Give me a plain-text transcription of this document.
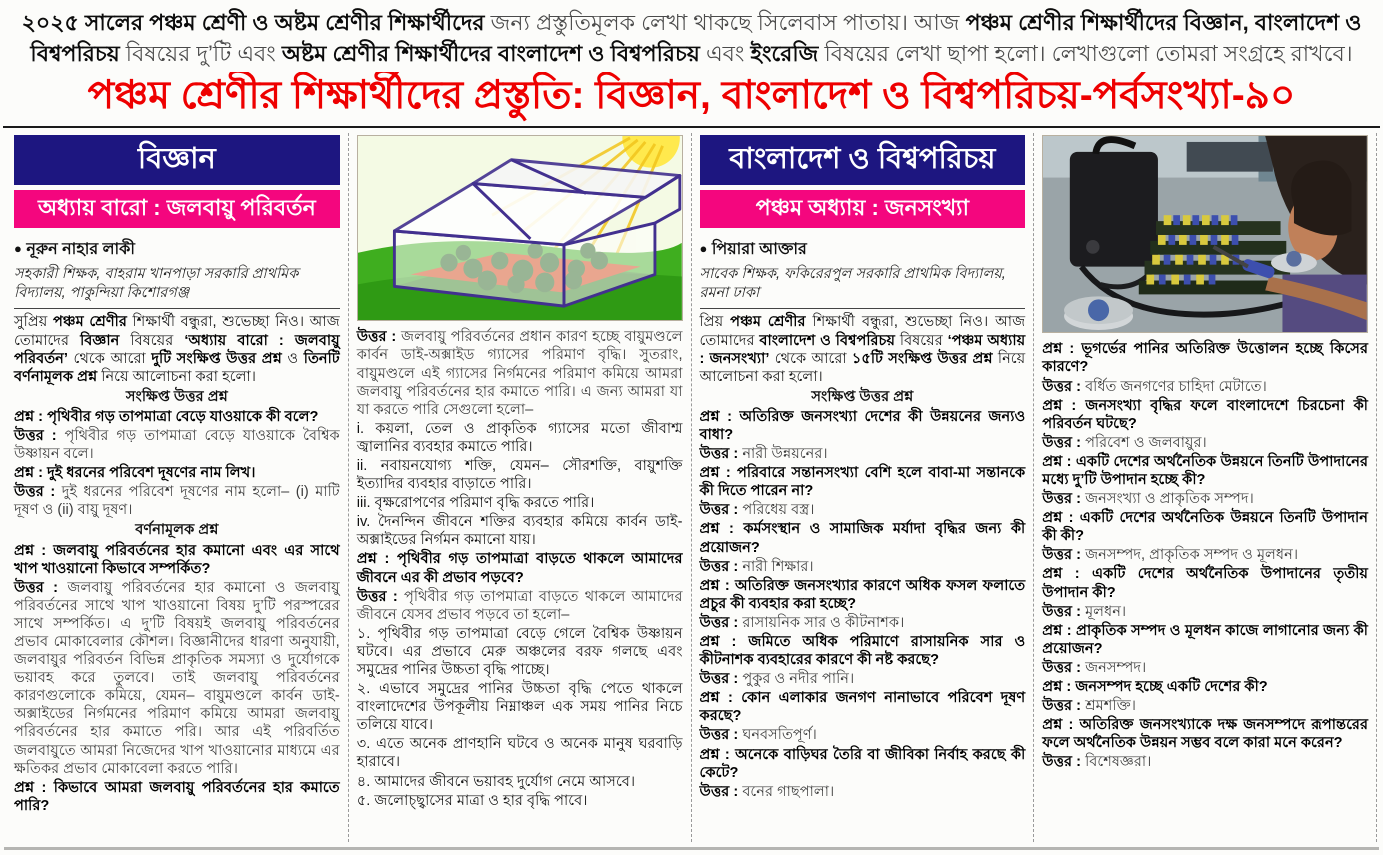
২০২৫ সালের পঞ্চম শ্রেণী ও অষ্টম শ্রেণীর শিক্ষার্থীদের জন্য প্রস্তুতিমূলক লেখা থাকছে সিলেবাস পাতায়। আজ পঞ্চম শ্রেণীর শিক্ষার্থীদের বিজ্ঞান, বাংলাদেশ ও বিশ্বপরিচয় বিষয়ের দু’টি এবং অষ্টম শ্রেণীর শিক্ষার্থীদের বাংলাদেশ ও বিশ্বপরিচয় এবং ইংরেজি বিষয়ের লেখা ছাপা হলো। লেখাগুলো তোমরা সংগ্রহে রাখবে।
পঞ্চম শ্রেণীর শিক্ষার্থীদের প্রস্তুতি: বিজ্ঞান, বাংলাদেশ ও বিশ্বপরিচয়-পর্বসংখ্যা-৯০
বিজ্ঞান
অধ্যায় বারো : জলবায়ু পরিবর্তন
● নূরুন নাহার লাকী
সহকারী শিক্ষক, বাহরাম খানপাড়া সরকারি প্রাথমিক বিদ্যালয়, পাকুন্দিয়া কিশোরগঞ্জ

সুপ্রিয় পঞ্চম শ্রেণীর শিক্ষার্থী বন্ধুরা, শুভেচ্ছা নিও। আজ তোমাদের বিজ্ঞান বিষয়ের ‘অধ্যায় বারো : জলবায়ু পরিবর্তন’ থেকে আরো দুটি সংক্ষিপ্ত উত্তর প্রশ্ন ও তিনটি বর্ণনামূলক প্রশ্ন নিয়ে আলোচনা করা হলো।

সংক্ষিপ্ত উত্তর প্রশ্ন

প্রশ্ন : পৃথিবীর গড় তাপমাত্রা বেড়ে যাওয়াকে কী বলে?

উত্তর : পৃথিবীর গড় তাপমাত্রা বেড়ে যাওয়াকে বৈশ্বিক উষ্ণায়ন বলে।

প্রশ্ন : দুই ধরনের পরিবেশ দূষণের নাম লিখ।

উত্তর : দুই ধরনের পরিবেশ দূষণের নাম হলো– (i) মাটি দূষণ ও (ii) বায়ু দূষণ।

বর্ণনামূলক প্রশ্ন

প্রশ্ন : জলবায়ু পরিবর্তনের হার কমানো এবং এর সাথে খাপ খাওয়ানো কিভাবে সম্পর্কিত?

উত্তর : জলবায়ু পরিবর্তনের হার কমানো ও জলবায়ু পরিবর্তনের সাথে খাপ খাওয়ানো বিষয় দু’টি পরস্পরের সাথে সম্পর্কিত। এ দু’টি বিষয়ই জলবায়ু পরিবর্তনের প্রভাব মোকাবেলার কৌশল। বিজ্ঞানীদের ধারণা অনুযায়ী, জলবায়ুর পরিবর্তন বিভিন্ন প্রাকৃতিক সমস্যা ও দুর্যোগকে ভয়াবহ করে তুলবে। তাই জলবায়ু পরিবর্তনের কারণগুলোকে কমিয়ে, যেমন– বায়ুমণ্ডলে কার্বন ডাই-অক্সাইডের নির্গমনের পরিমাণ কমিয়ে আমরা জলবায়ু পরিবর্তনের হার কমাতে পরি। আর এই পরিবর্তিত জলবায়ুতে আমরা নিজেদের খাপ খাওয়ানোর মাধ্যমে এর ক্ষতিকর প্রভাব মোকাবেলা করতে পারি।

প্রশ্ন : কিভাবে আমরা জলবায়ু পরিবর্তনের হার কমাতে পারি?

উত্তর : জলবায়ু পরিবর্তনের প্রধান কারণ হচ্ছে বায়ুমণ্ডলে কার্বন ডাই-অক্সাইড গ্যাসের পরিমাণ বৃদ্ধি। সুতরাং, বায়ুমণ্ডলে এই গ্যাসের নির্গমনের পরিমাণ কমিয়ে আমরা জলবায়ু পরিবর্তনের হার কমাতে পারি। এ জন্য আমরা যা যা করতে পারি সেগুলো হলো–

i. কয়লা, তেল ও প্রাকৃতিক গ্যাসের মতো জীবাশ্ম জ্বালানির ব্যবহার কমাতে পারি।

ii. নবায়নযোগ্য শক্তি, যেমন– সৌরশক্তি, বায়ুশক্তি ইত্যাদির ব্যবহার বাড়াতে পারি।

iii. বৃক্ষরোপণের পরিমাণ বৃদ্ধি করতে পারি।

iv. দৈনন্দিন জীবনে শক্তির ব্যবহার কমিয়ে কার্বন ডাই-অক্সাইডের নির্গমন কমানো যায়।

প্রশ্ন : পৃথিবীর গড় তাপমাত্রা বাড়তে থাকলে আমাদের জীবনে এর কী প্রভাব পড়বে?

উত্তর : পৃথিবীর গড় তাপমাত্রা বাড়তে থাকলে আমাদের জীবনে যেসব প্রভাব পড়বে তা হলো–

১. পৃথিবীর গড় তাপমাত্রা বেড়ে গেলে বৈশ্বিক উষ্ণায়ন ঘটবে। এর প্রভাবে মেরু অঞ্চলের বরফ গলছে এবং সমুদ্রের পানির উচ্চতা বৃদ্ধি পাচ্ছে।

২. এভাবে সমুদ্রের পানির উচ্চতা বৃদ্ধি পেতে থাকলে বাংলাদেশের উপকূলীয় নিম্নাঞ্চল এক সময় পানির নিচে তলিয়ে যাবে।

৩. এতে অনেক প্রাণহানি ঘটবে ও অনেক মানুষ ঘরবাড়ি হারাবে।

৪. আমাদের জীবনে ভয়াবহ দুর্যোগ নেমে আসবে।

৫. জলোচ্ছ্বাসের মাত্রা ও হার বৃদ্ধি পাবে।

বাংলাদেশ ও বিশ্বপরিচয়
পঞ্চম অধ্যায় : জনসংখ্যা
● পিয়ারা আক্তার
সাবেক শিক্ষক, ফকিরেরপুল সরকারি প্রাথমিক বিদ্যালয়, রমনা ঢাকা

প্রিয় পঞ্চম শ্রেণীর শিক্ষার্থী বন্ধুরা, শুভেচ্ছা নিও। আজ তোমাদের বাংলাদেশ ও বিশ্বপরিচয় বিষয়ের ‘পঞ্চম অধ্যায় : জনসংখ্যা’ থেকে আরো ১৫টি সংক্ষিপ্ত উত্তর প্রশ্ন নিয়ে আলোচনা করা হলো।

সংক্ষিপ্ত উত্তর প্রশ্ন

প্রশ্ন : অতিরিক্ত জনসংখ্যা দেশের কী উন্নয়নের জন্যও বাধা?

উত্তর : নারী উন্নয়নের।

প্রশ্ন : পরিবারে সন্তানসংখ্যা বেশি হলে বাবা-মা সন্তানকে কী দিতে পারেন না?

উত্তর : পরিধেয় বস্ত্র।

প্রশ্ন : কর্মসংস্থান ও সামাজিক মর্যাদা বৃদ্ধির জন্য কী প্রয়োজন?

উত্তর : নারী শিক্ষার।

প্রশ্ন : অতিরিক্ত জনসংখ্যার কারণে অধিক ফসল ফলাতে প্রচুর কী ব্যবহার করা হচ্ছে?

উত্তর : রাসায়নিক সার ও কীটনাশক।

প্রশ্ন : জমিতে অধিক পরিমাণে রাসায়নিক সার ও কীটনাশক ব্যবহারের কারণে কী নষ্ট করছে?

উত্তর : পুকুর ও নদীর পানি।

প্রশ্ন : কোন এলাকার জনগণ নানাভাবে পরিবেশ দূষণ করছে?

উত্তর : ঘনবসতিপূর্ণ।

প্রশ্ন : অনেকে বাড়িঘর তৈরি বা জীবিকা নির্বাহ করছে কী কেটে?

উত্তর : বনের গাছপালা।

প্রশ্ন : ভূগর্ভের পানির অতিরিক্ত উত্তোলন হচ্ছে কিসের কারণে?

উত্তর : বর্ধিত জনগণের চাহিদা মেটাতে।

প্রশ্ন : জনসংখ্যা বৃদ্ধির ফলে বাংলাদেশে চিরচেনা কী পরিবর্তন ঘটছে?

উত্তর : পরিবেশ ও জলবায়ুর।

প্রশ্ন : একটি দেশের অর্থনৈতিক উন্নয়নে তিনটি উপাদানের মধ্যে দু’টি উপাদান হচ্ছে কী?

উত্তর : জনসংখ্যা ও প্রাকৃতিক সম্পদ।

প্রশ্ন : একটি দেশের অর্থনৈতিক উন্নয়নে তিনটি উপাদান কী কী?

উত্তর : জনসম্পদ, প্রাকৃতিক সম্পদ ও মূলধন।

প্রশ্ন : একটি দেশের অর্থনৈতিক উপাদানের তৃতীয় উপাদান কী?

উত্তর : মূলধন।

প্রশ্ন : প্রাকৃতিক সম্পদ ও মূলধন কাজে লাগানোর জন্য কী প্রয়োজন?

উত্তর : জনসম্পদ।

প্রশ্ন : জনসম্পদ হচ্ছে একটি দেশের কী?

উত্তর : শ্রমশক্তি।

প্রশ্ন : অতিরিক্ত জনসংখ্যাকে দক্ষ জনসম্পদে রূপান্তরের ফলে অর্থনৈতিক উন্নয়ন সম্ভব বলে কারা মনে করেন?

উত্তর : বিশেষজ্ঞরা।
